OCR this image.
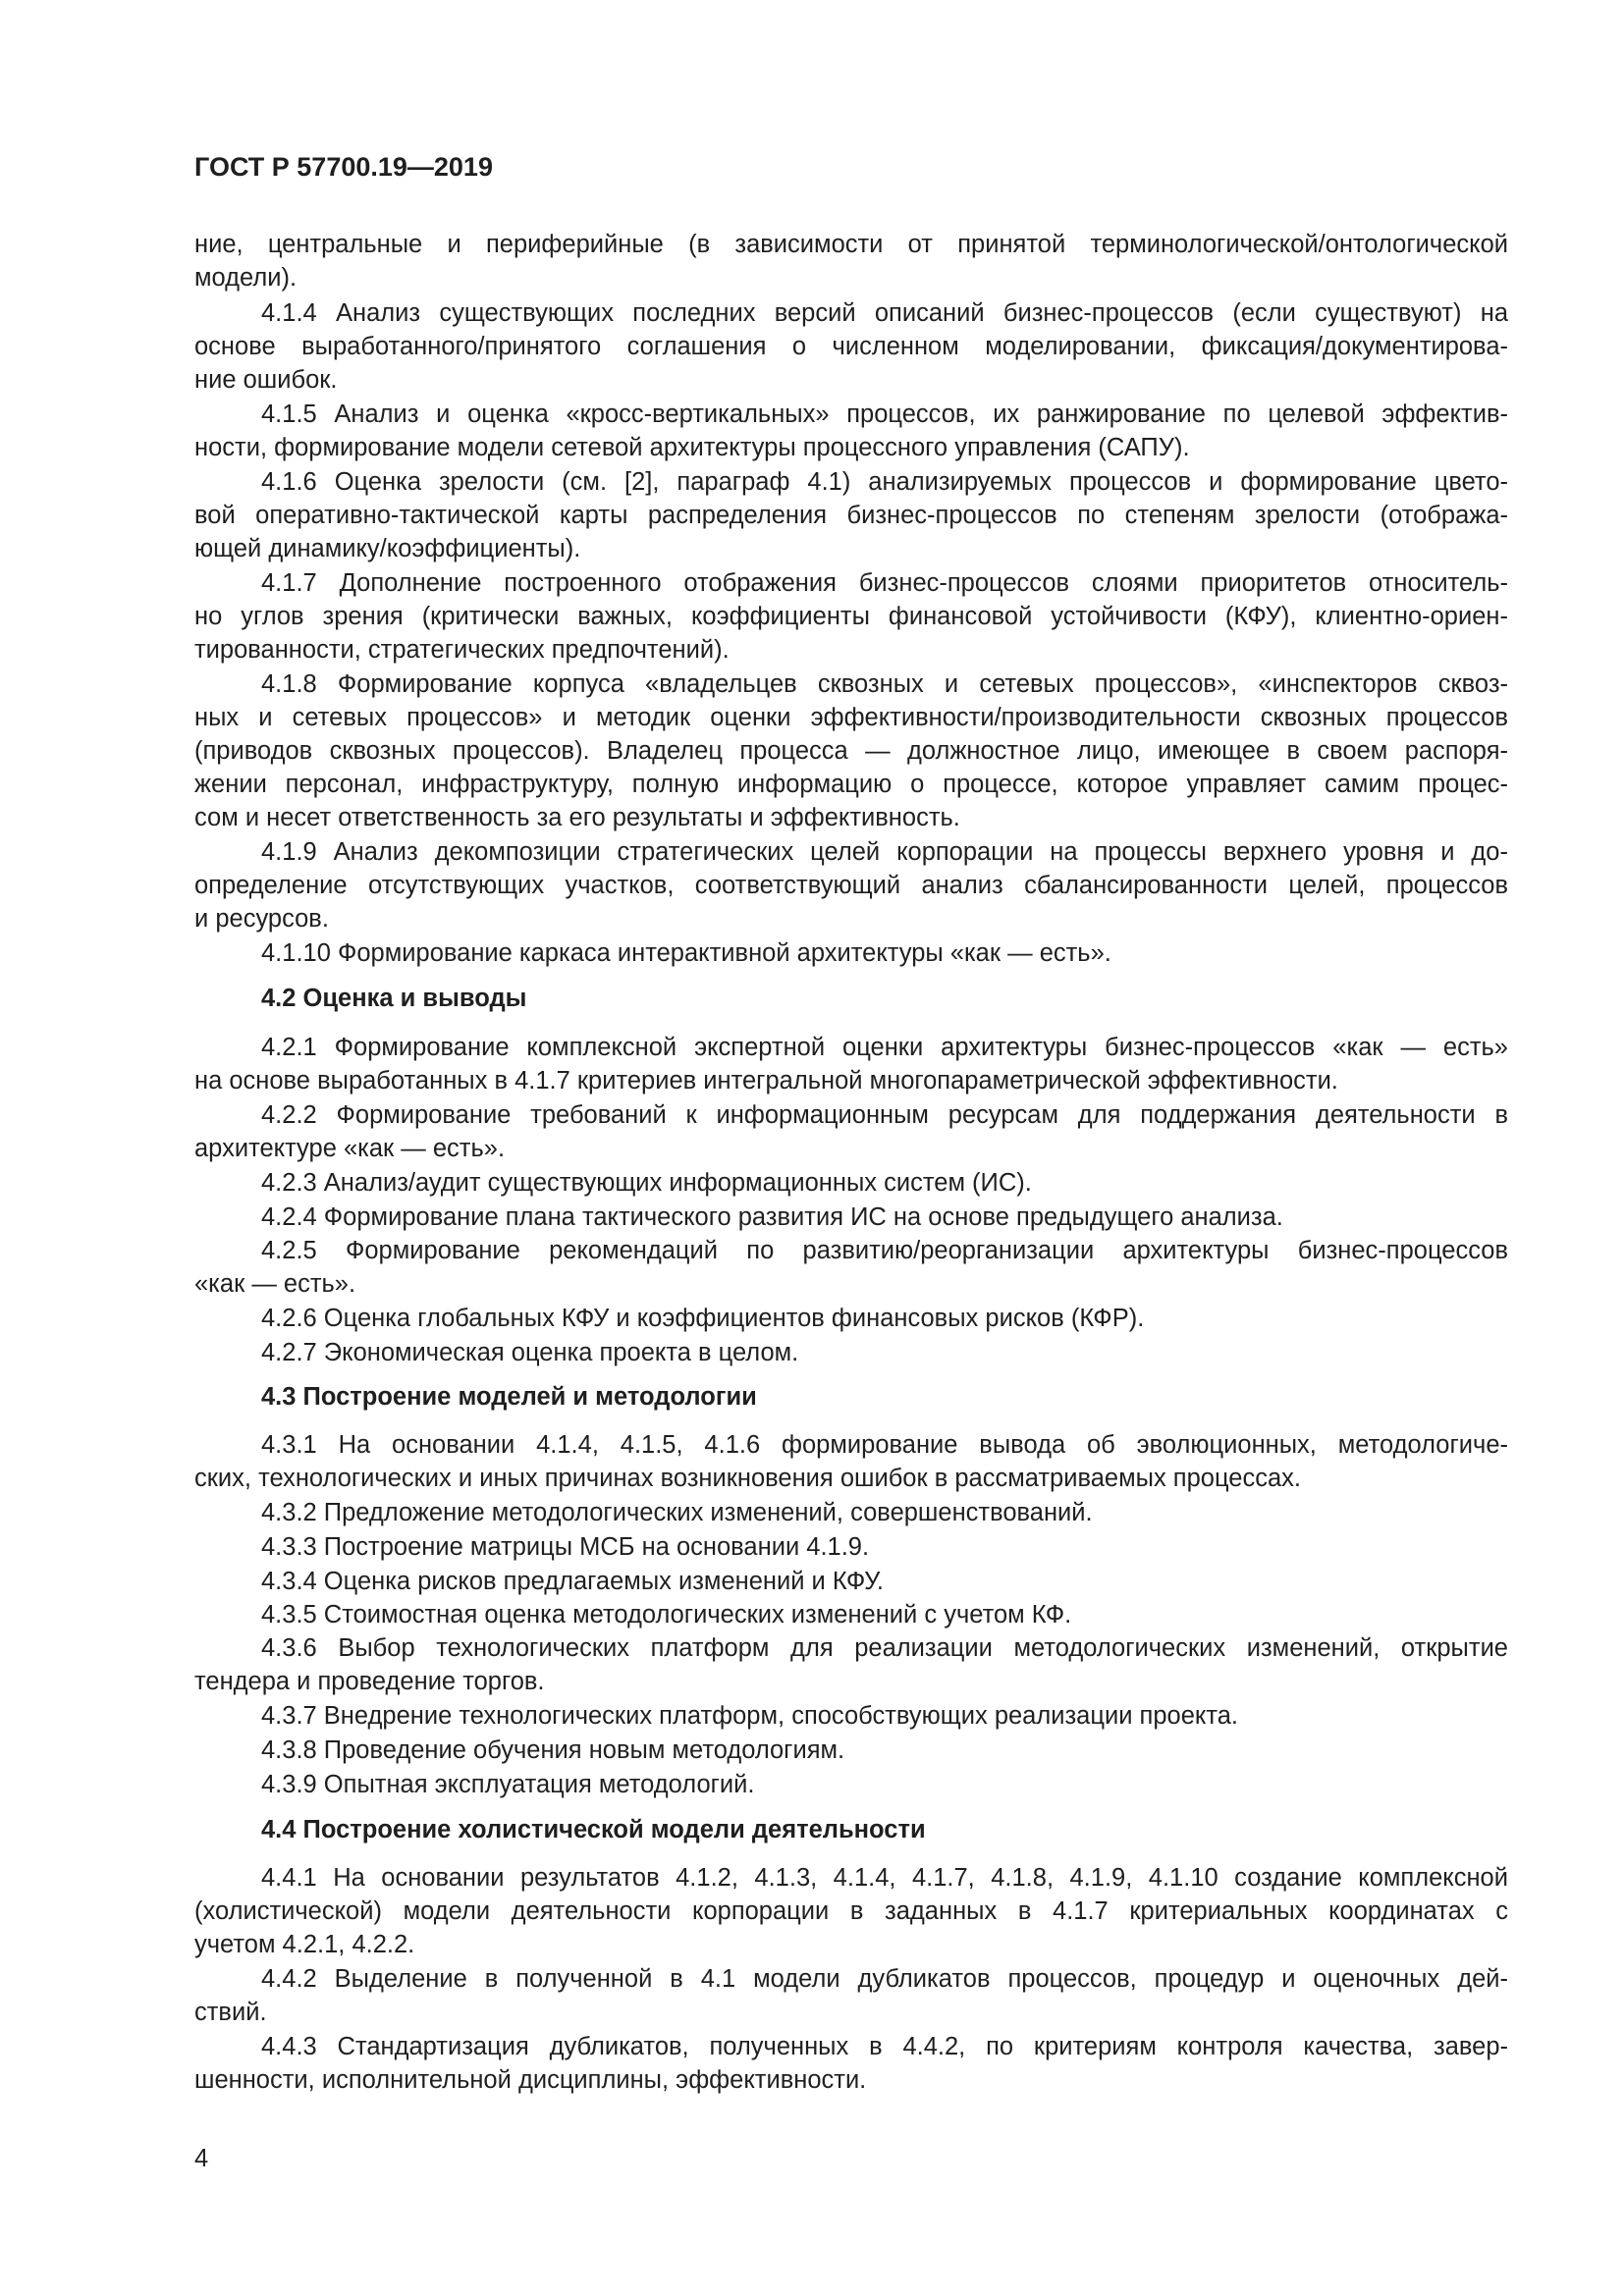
ГОСТ Р 57700.19—2019
ние, центральные и периферийные (в зависимости от принятой терминологической/онтологической
модели).
4.1.4 Анализ существующих последних версий описаний бизнес-процессов (если существуют) на
основе выработанного/принятого соглашения о численном моделировании, фиксация/документирова-
ние ошибок.
4.1.5 Анализ и оценка «кросс-вертикальных» процессов, их ранжирование по целевой эффектив-
ности, формирование модели сетевой архитектуры процессного управления (САПУ).
4.1.6 Оценка зрелости (см. [2], параграф 4.1) анализируемых процессов и формирование цвето-
вой оперативно-тактической карты распределения бизнес-процессов по степеням зрелости (отобража-
ющей динамику/коэффициенты).
4.1.7 Дополнение построенного отображения бизнес-процессов слоями приоритетов относитель-
но углов зрения (критически важных, коэффициенты финансовой устойчивости (КФУ), клиентно-ориен-
тированности, стратегических предпочтений).
4.1.8 Формирование корпуса «владельцев сквозных и сетевых процессов», «инспекторов сквоз-
ных и сетевых процессов» и методик оценки эффективности/производительности сквозных процессов
(приводов сквозных процессов). Владелец процесса — должностное лицо, имеющее в своем распоря-
жении персонал, инфраструктуру, полную информацию о процессе, которое управляет самим процес-
сом и несет ответственность за его результаты и эффективность.
4.1.9 Анализ декомпозиции стратегических целей корпорации на процессы верхнего уровня и до-
определение отсутствующих участков, соответствующий анализ сбалансированности целей, процессов
и ресурсов.
4.1.10 Формирование каркаса интерактивной архитектуры «как — есть».
4.2 Оценка и выводы
4.2.1 Формирование комплексной экспертной оценки архитектуры бизнес-процессов «как — есть»
на основе выработанных в 4.1.7 критериев интегральной многопараметрической эффективности.
4.2.2 Формирование требований к информационным ресурсам для поддержания деятельности в
архитектуре «как — есть».
4.2.3 Анализ/аудит существующих информационных систем (ИС).
4.2.4 Формирование плана тактического развития ИС на основе предыдущего анализа.
4.2.5 Формирование рекомендаций по развитию/реорганизации архитектуры бизнес-процессов
«как — есть».
4.2.6 Оценка глобальных КФУ и коэффициентов финансовых рисков (КФР).
4.2.7 Экономическая оценка проекта в целом.
4.3 Построение моделей и методологии
4.3.1 На основании 4.1.4, 4.1.5, 4.1.6 формирование вывода об эволюционных, методологиче-
ских, технологических и иных причинах возникновения ошибок в рассматриваемых процессах.
4.3.2 Предложение методологических изменений, совершенствований.
4.3.3 Построение матрицы МСБ на основании 4.1.9.
4.3.4 Оценка рисков предлагаемых изменений и КФУ.
4.3.5 Стоимостная оценка методологических изменений с учетом КФ.
4.3.6 Выбор технологических платформ для реализации методологических изменений, открытие
тендера и проведение торгов.
4.3.7 Внедрение технологических платформ, способствующих реализации проекта.
4.3.8 Проведение обучения новым методологиям.
4.3.9 Опытная эксплуатация методологий.
4.4 Построение холистической модели деятельности
4.4.1 На основании результатов 4.1.2, 4.1.3, 4.1.4, 4.1.7, 4.1.8, 4.1.9, 4.1.10 создание комплексной
(холистической) модели деятельности корпорации в заданных в 4.1.7 критериальных координатах с
учетом 4.2.1, 4.2.2.
4.4.2 Выделение в полученной в 4.1 модели дубликатов процессов, процедур и оценочных дей-
ствий.
4.4.3 Стандартизация дубликатов, полученных в 4.4.2, по критериям контроля качества, завер-
шенности, исполнительной дисциплины, эффективности.
4
